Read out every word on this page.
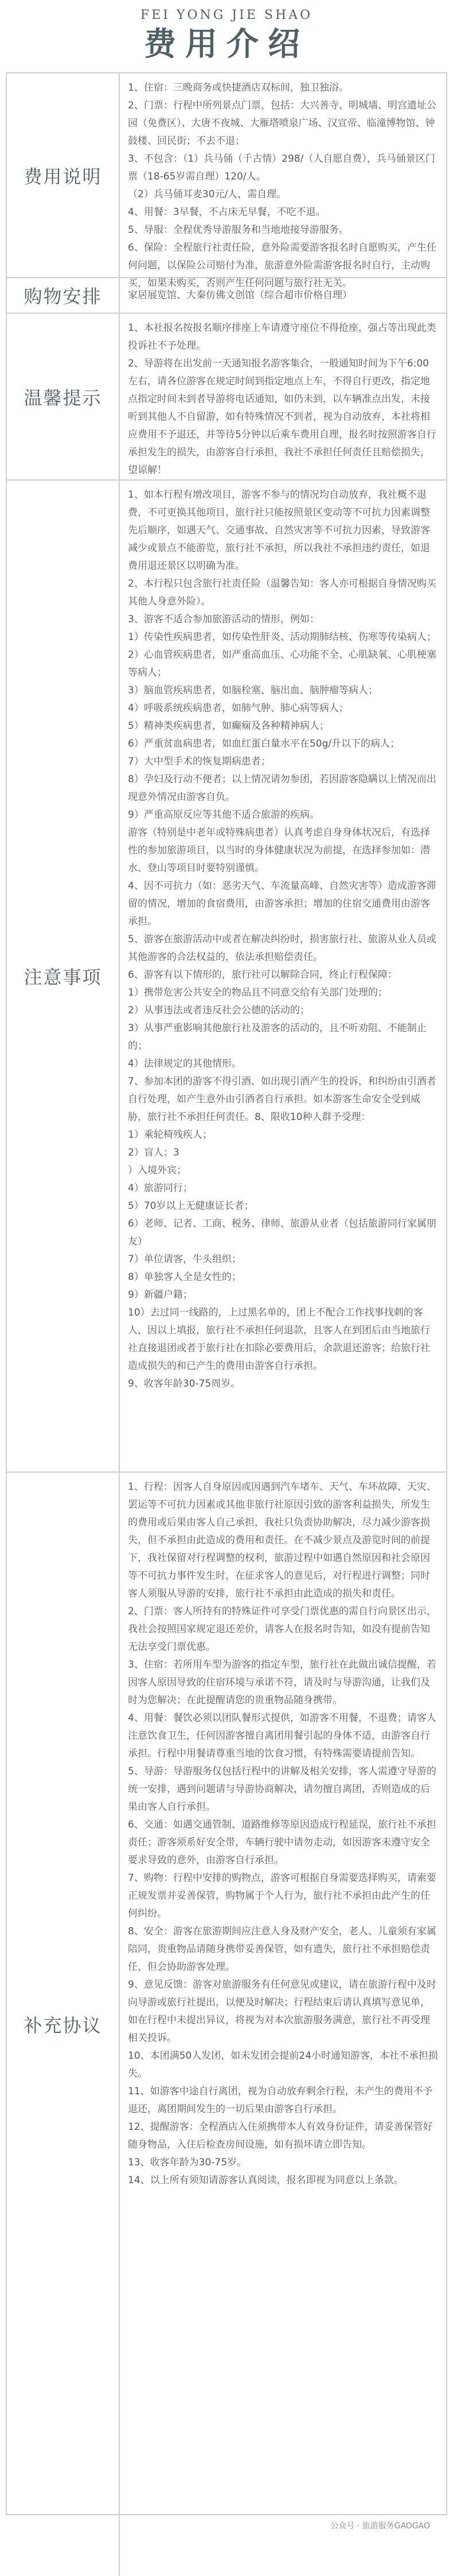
FEI YONG JIE SHAO
费用介绍
费用说明

1、住宿：三晚商务或快捷酒店双标间，独卫独浴。

2、门票：行程中所列景点门票，包括：大兴善寺、明城墙、明宫遗址公园（免费区）、大唐不夜城、大雁塔喷泉广场、汉宣帝、临潼博物馆、钟鼓楼、回民街；不去不退；

3、不包含：（1）兵马俑（千古情）298/（人自愿自费），兵马俑景区门票（18-65岁需自理）120/人。

（2）兵马俑耳麦30元/人，需自理。

4、用餐：3早餐，不占床无早餐，不吃不退。

5、导服：全程优秀导游服务和当地地接导游服务。

6、保险：全程旅行社责任险，意外险需要游客报名时自愿购买，产生任何问题，以保险公司赔付为准，旅游意外险需游客报名时自行，主动购买，如果未购买，否则产生任何问题与旅行社无关。

购物安排	家居展览馆、大秦仿佛文创馆（综合超市价格自理）

温馨提示

1、本社报名按报名顺序排座上车请遵守座位不得抢座，强占等出现此类投诉社不予处理。

2、导游将在出发前一天通知报名游客集合，一般通知时间为下午6:00左右，请各位游客在规定时间到指定地点上车，不得自行更改，指定地点指定时间未到者导游将电话通知，如仍未到，以车辆准点出发，未接听到其他人不自留游，如有特殊情况不到者，视为自动放弃，本社将相应费用不予退还，并等待5分钟以后乘车费用自理，报名时按照游客自行承担发生的损失，由游客自行承担，我社不承担任何责任且赔偿损失，望谅解！

注意事项

1、如本行程有增改项目，游客不参与的情况均自动放弃，我社概不退费，不可更换其他项目，旅行社只能按照景区变动等不可抗力因素调整先后顺序，如遇天气、交通事故、自然灾害等不可抗力因素，导致游客减少或景点不能游览，旅行社不承担，所以我社不承担违约责任，如退费用退还景区以明确为准。

2、本行程只包含旅行社责任险（温馨告知：客人亦可根据自身情况购买其他人身意外险）。

3、游客不适合参加旅游活动的情形，例如：

1）传染性疾病患者，如传染性肝炎、活动期肺结核、伤寒等传染病人；

2）心血管疾病患者，如严重高血压、心功能不全、心肌缺氧、心肌梗塞等病人；

3）脑血管疾病患者，如脑栓塞、脑出血、脑肿瘤等病人；

4）呼吸系统疾病患者，如肺气肿、肺心病等病人；

5）精神类疾病患者，如癫痫及各种精神病人；

6）严重贫血病患者，如血红蛋白量水平在50g/升以下的病人；

7）大中型手术的恢复期病患者；

8）孕妇及行动不便者；以上情况请勿参团，若因游客隐瞒以上情况而出现意外情况由游客自负。

9）严重高原反应等其他不适合旅游的疾病。

游客（特别是中老年或特殊病患者）认真考虑自身身体状况后，有选择性的参加旅游项目，以当时的身体健康状况为前提，在选择参加如：潜水、登山等项目时要特别谨慎。

4、因不可抗力（如：恶劣天气、车流量高峰、自然灾害等）造成游客滞留的情况，增加的食宿费用，由游客承担；增加的住宿交通费用由游客承担。

5、游客在旅游活动中或者在解决纠纷时，损害旅行社、旅游从业人员或其他游客的合法权益的，依法承担赔偿责任。

6、游客有以下情形的，旅行社可以解除合同，终止行程保障：

1）携带危害公共安全的物品且不同意交给有关部门处理的；

2）从事违法或者违反社会公德的活动的；

3）从事严重影响其他旅行社及游客的活动的，且不听劝阻、不能制止的；

4）法律规定的其他情形。

7、参加本团的游客不得引酒、如出现引酒产生的投诉，和纠纷由引酒者自行处理，如产生意外由引酒者自行承担。如本游客生命安全受到威胁，旅行社不承担任何责任。8、限收10种人群予受理：

1）乘轮椅残疾人；

2）盲人；3

）入境外宾；

4）旅游同行；

5）70岁以上无健康证长者；

6）老师、记者、工商、税务、律师、旅游从业者（包括旅游同行家属朋友）

7）单位请客，牛头组织；

8）单独客人全是女性的；

9）新疆户籍；

10）去过同一线路的，上过黑名单的，团上不配合工作找事找刺的客人，因以上填报，旅行社不承担任何退款，且客人在到团后由当地旅行社直接退团或者于旅行社在扣除必要费用后，余款退还游客；给旅行社造成损失的和已产生的费用由游客自行承担。

9、收客年龄30-75周岁。

补充协议

1、行程：因客人自身原因或因遇到汽车堵车、天气、车坏故障、天灾、罢运等不可抗力因素或其他非旅行社原因引致的游客利益损失，所发生的费用或后果由客人自己承担，我社只负责协助解决，尽力减少游客损失，但不承担由此造成的费用和责任。在不减少景点及游览时间的前提下，我社保留对行程调整的权利，旅游过程中如遇自然原因和社会原因等不可抗力事件发生时，在征求客人的意见后，对行程进行调整；同时客人须服从导游的安排，旅行社不承担由此造成的损失和责任。

2、门票：客人所持有的特殊证件可享受门票优惠的需自行向景区出示，我社会按照国家规定退还差价，请客人在报名时告知，如没有提前告知无法享受门票优惠。

3、住宿：若所用车型为游客的指定车型，旅行社在此做出诚信提醒，若因客人原因导致的住宿环境与承诺不符，请及时与导游沟通，让我们及时为您解决；在此提醒请您的贵重物品随身携带。

4、用餐：餐饮必须以团队餐形式提供，如游客不用餐，不退费；请客人注意饮食卫生，任何因游客擅自离团用餐引起的身体不适，由游客自行承担。行程中用餐请尊重当地的饮食习惯，有特殊需要请提前告知。

5、导游：导游服务仅包括行程中的讲解及相关安排，客人需遵守导游的统一安排，遇到问题请与导游协商解决，请勿擅自离团，否则造成的后果由客人自行承担。

6、交通：如遇交通管制、道路维修等原因造成行程延误，旅行社不承担责任；游客须系好安全带，车辆行驶中请勿走动，如因游客未遵守安全要求导致的意外，由游客自行承担。

7、购物：行程中安排的购物点，游客可根据自身需要选择购买，请索要正规发票并妥善保管，购物属于个人行为，旅行社不承担由此产生的任何纠纷。

8、安全：游客在旅游期间应注意人身及财产安全，老人、儿童须有家属陪同，贵重物品请随身携带妥善保管，如有遗失，旅行社不承担赔偿责任，但会协助游客处理。

9、意见反馈：游客对旅游服务有任何意见或建议，请在旅游行程中及时向导游或旅行社提出，以便及时解决；行程结束后请认真填写意见单，如在行程中未提出异议，将视为对本次旅游服务满意，旅行社不再受理相关投诉。

10、本团满50人发团，如未发团会提前24小时通知游客，本社不承担损失。

11、如游客中途自行离团，视为自动放弃剩余行程，未产生的费用不予退还，离团期间发生的一切后果由游客自行承担。

12、提醒游客：全程酒店入住须携带本人有效身份证件，请妥善保管好随身物品，入住后检查房间设施，如有损坏请立即告知。

13、收客年龄为30-75岁。

14、以上所有须知请游客认真阅读，报名即视为同意以上条款。

公众号 · 旅游服务GAOGAO
